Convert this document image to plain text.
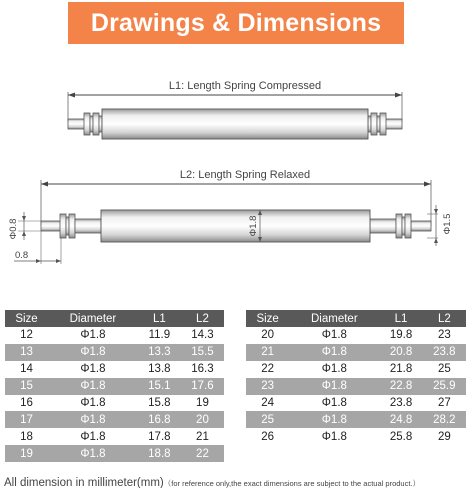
Drawings & Dimensions
L1: Length Spring Compressed
L2: Length Spring Relaxed
Φ1.8	Φ1.5
Φ0.8
0.8
Size	Diameter	L1	L2
12	Φ1.8	11.9	14.3
13	Φ1.8	13.3	15.5
14	Φ1.8	13.8	16.3
15	Φ1.8	15.1	17.6
16	Φ1.8	15.8	19
17	Φ1.8	16.8	20
18	Φ1.8	17.8	21
19	Φ1.8	18.8	22
Size	Diameter	L1	L2
20	Φ1.8	19.8	23
21	Φ1.8	20.8	23.8
22	Φ1.8	21.8	25
23	Φ1.8	22.8	25.9
24	Φ1.8	23.8	27
25	Φ1.8	24.8	28.2
26	Φ1.8	25.8	29
All dimension in millimeter(mm)（for reference only,the exact dimensions are subject to the actual product.）
